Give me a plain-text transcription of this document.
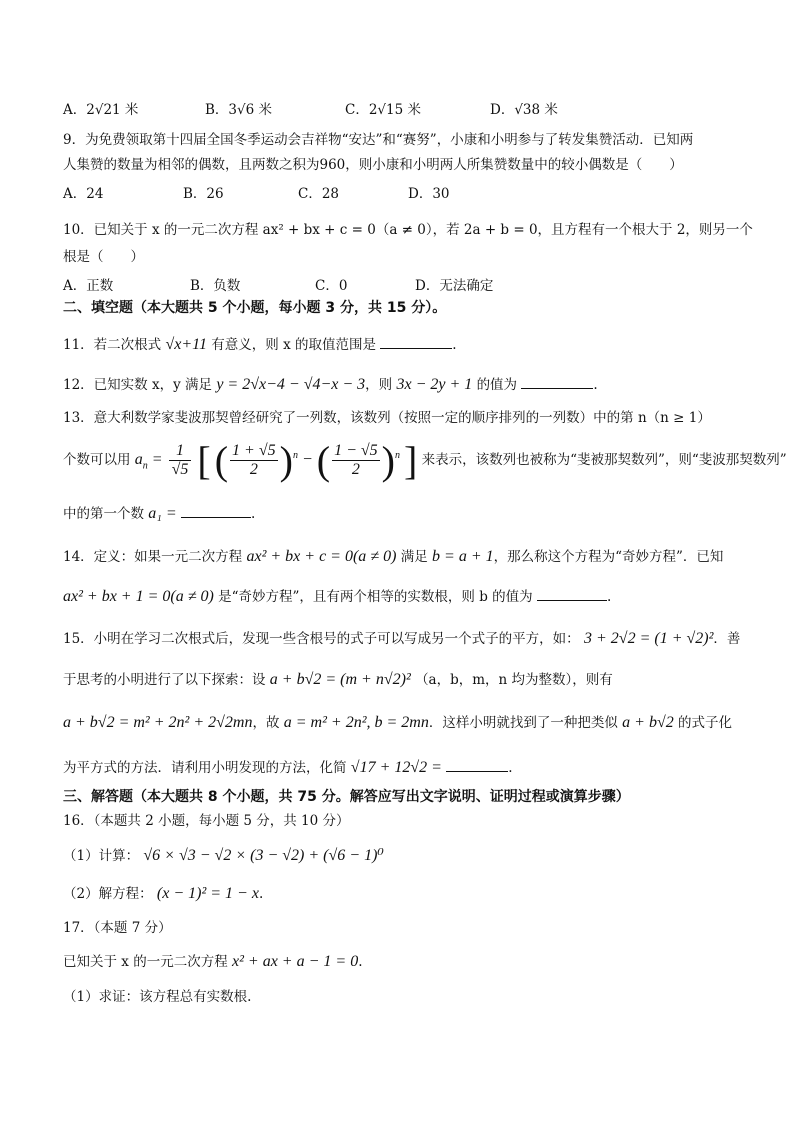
A．2√21 米	B．3√6 米	C．2√15 米	D．√38 米
9．为免费领取第十四届全国冬季运动会吉祥物“安达”和“赛努”，小康和小明参与了转发集赞活动．已知两
人集赞的数量为相邻的偶数，且两数之积为960，则小康和小明两人所集赞数量中的较小偶数是（　　）
A．24	B．26	C．28	D．30
10．已知关于 x 的一元二次方程 ax² + bx + c = 0（a ≠ 0），若 2a + b = 0，且方程有一个根大于 2，则另一个
根是（　　）
A．正数	B．负数	C．0	D．无法确定
二、填空题（本大题共 5 个小题，每小题 3 分，共 15 分）。
11．若二次根式 √x+11 有意义，则 x 的取值范围是	.
12．已知实数 x，y 满足 y = 2√x−4 − √4−x − 3，则 3x − 2y + 1 的值为	.
13．意大利数学家斐波那契曾经研究了一列数，该数列（按照一定的顺序排列的一列数）中的第 n（n ≥ 1）
个数可以用 $a_n = \frac{1}{√5}$ [ ( $\frac{1 + √5}{2} )^n$ − ( $\frac{1 - √5}{2} )^n$ ] 来表示，该数列也被称为“斐被那契数列”，则“斐波那契数列”
中的第一个数 a₁ =	.
14．定义：如果一元二次方程 ax² + bx + c = 0(a ≠ 0) 满足 b = a + 1，那么称这个方程为“奇妙方程”．已知
ax² + bx + 1 = 0(a ≠ 0) 是“奇妙方程”，且有两个相等的实数根，则 b 的值为	.
15．小明在学习二次根式后，发现一些含根号的式子可以写成另一个式子的平方，如： 3 + 2√2 = (1 + √2)²．善
于思考的小明进行了以下探索：设 a + b√2 = (m + n√2)² （a，b，m，n 均为整数），则有
a + b√2 = m² + 2n² + 2√2mn，故 a = m² + 2n², b = 2mn．这样小明就找到了一种把类似 a + b√2 的式子化
为平方式的方法．请利用小明发现的方法，化简 √17 + 12√2 =	.
三、解答题（本大题共 8 个小题，共 75 分。解答应写出文字说明、证明过程或演算步骤）
16．（本题共 2 小题，每小题 5 分，共 10 分）
（1）计算： √6 × √3 − √2 × (3 − √2) + (√6 − 1)⁰
（2）解方程： (x − 1)² = 1 − x.
17．（本题 7 分）
已知关于 x 的一元二次方程 x² + ax + a − 1 = 0.
（1）求证：该方程总有实数根.
